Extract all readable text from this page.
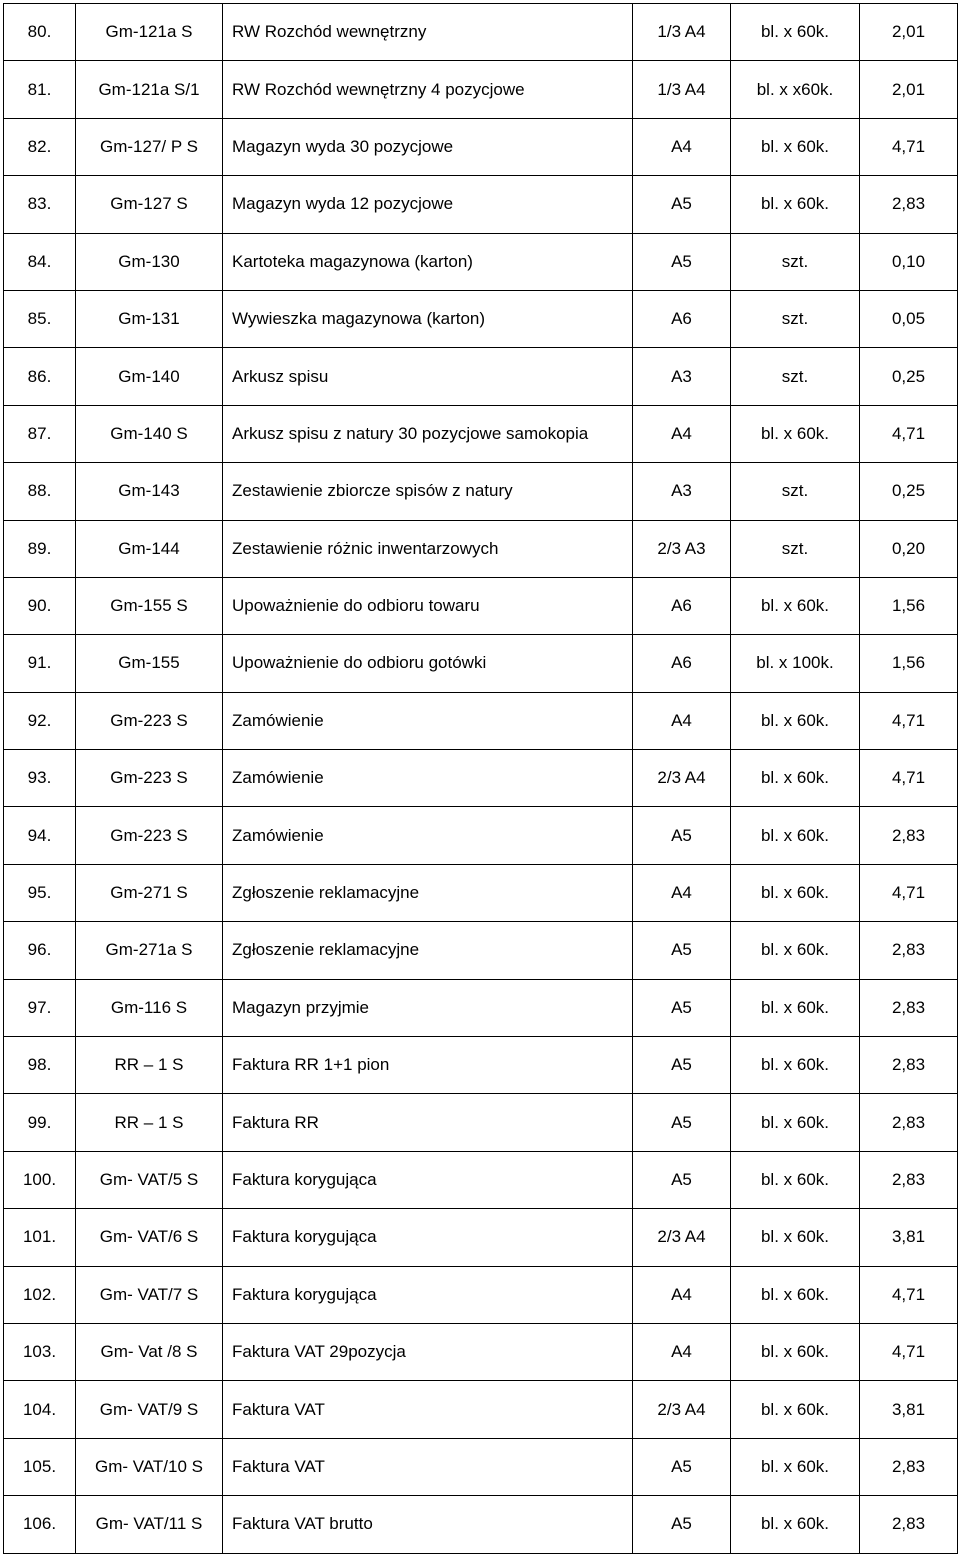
80.	Gm-121a S	RW Rozchód wewnętrzny	1/3 A4	bl. x 60k.	2,01
81.	Gm-121a S/1	RW Rozchód wewnętrzny 4 pozycjowe	1/3 A4	bl. x x60k.	2,01
82.	Gm-127/ P S	Magazyn wyda 30 pozycjowe	A4	bl. x 60k.	4,71
83.	Gm-127 S	Magazyn wyda 12 pozycjowe	A5	bl. x 60k.	2,83
84.	Gm-130	Kartoteka magazynowa (karton)	A5	szt.	0,10
85.	Gm-131	Wywieszka magazynowa (karton)	A6	szt.	0,05
86.	Gm-140	Arkusz spisu	A3	szt.	0,25
87.	Gm-140 S	Arkusz spisu z natury 30 pozycjowe samokopia	A4	bl. x 60k.	4,71
88.	Gm-143	Zestawienie zbiorcze spisów z natury	A3	szt.	0,25
89.	Gm-144	Zestawienie różnic inwentarzowych	2/3 A3	szt.	0,20
90.	Gm-155 S	Upoważnienie do odbioru towaru	A6	bl. x 60k.	1,56
91.	Gm-155	Upoważnienie do odbioru gotówki	A6	bl. x 100k.	1,56
92.	Gm-223 S	Zamówienie	A4	bl. x 60k.	4,71
93.	Gm-223 S	Zamówienie	2/3 A4	bl. x 60k.	4,71
94.	Gm-223 S	Zamówienie	A5	bl. x 60k.	2,83
95.	Gm-271 S	Zgłoszenie reklamacyjne	A4	bl. x 60k.	4,71
96.	Gm-271a S	Zgłoszenie reklamacyjne	A5	bl. x 60k.	2,83
97.	Gm-116 S	Magazyn przyjmie	A5	bl. x 60k.	2,83
98.	RR – 1 S	Faktura RR 1+1 pion	A5	bl. x 60k.	2,83
99.	RR – 1 S	Faktura RR	A5	bl. x 60k.	2,83
100.	Gm- VAT/5 S	Faktura korygująca	A5	bl. x 60k.	2,83
101.	Gm- VAT/6 S	Faktura korygująca	2/3 A4	bl. x 60k.	3,81
102.	Gm- VAT/7 S	Faktura korygująca	A4	bl. x 60k.	4,71
103.	Gm- Vat /8 S	Faktura VAT 29pozycja	A4	bl. x 60k.	4,71
104.	Gm- VAT/9 S	Faktura VAT	2/3 A4	bl. x 60k.	3,81
105.	Gm- VAT/10 S	Faktura VAT	A5	bl. x 60k.	2,83
106.	Gm- VAT/11 S	Faktura VAT brutto	A5	bl. x 60k.	2,83
